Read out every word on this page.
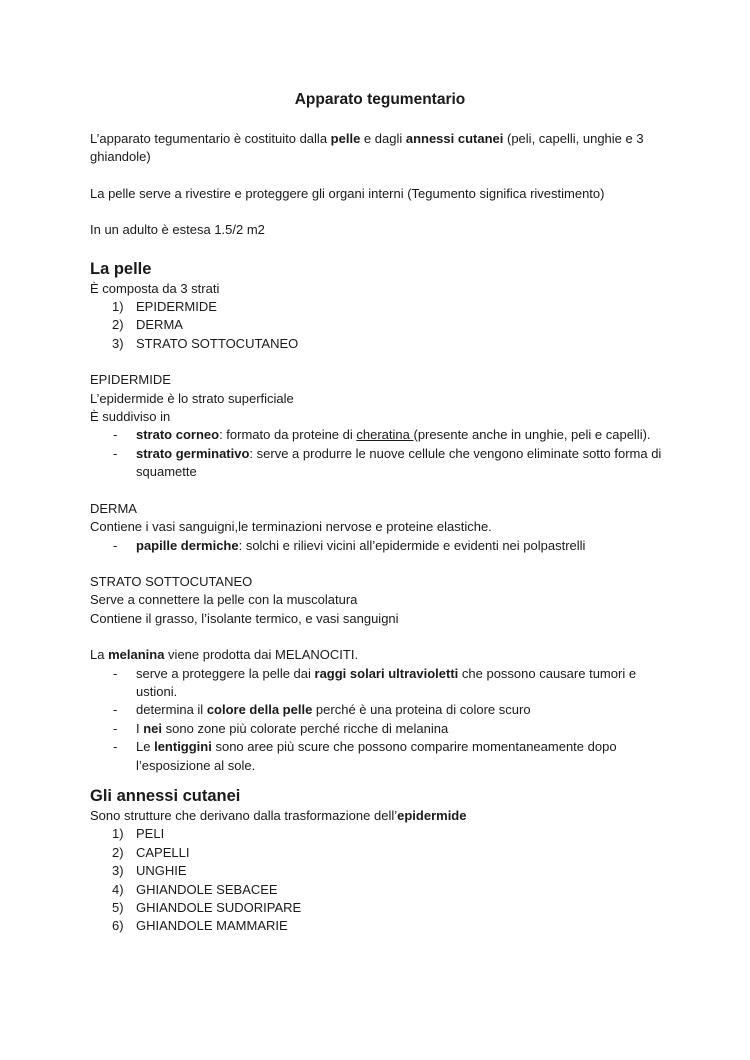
Apparato tegumentario

L’apparato tegumentario è costituito dalla pelle e dagli annessi cutanei (peli, capelli, unghie e 3 ghiandole)

La pelle serve a rivestire e proteggere gli organi interni (Tegumento significa rivestimento)

In un adulto è estesa 1.5/2 m2

La pelle

È composta da 3 strati

1) EPIDERMIDE
2) DERMA
3) STRATO SOTTOCUTANEO

EPIDERMIDE

L’epidermide è lo strato superficiale

È suddiviso in

- strato corneo: formato da proteine di cheratina (presente anche in unghie, peli e capelli).
- strato germinativo: serve a produrre le nuove cellule che vengono eliminate sotto forma di squamette

DERMA

Contiene i vasi sanguigni,le terminazioni nervose e proteine elastiche.

- papille dermiche: solchi e rilievi vicini all’epidermide e evidenti nei polpastrelli

STRATO SOTTOCUTANEO

Serve a connettere la pelle con la muscolatura

Contiene il grasso, l’isolante termico, e vasi sanguigni

La melanina viene prodotta dai MELANOCITI.

- serve a proteggere la pelle dai raggi solari ultravioletti che possono causare tumori e ustioni.
- determina il colore della pelle perché è una proteina di colore scuro
- I nei sono zone più colorate perché ricche di melanina
- Le lentiggini sono aree più scure che possono comparire momentaneamente dopo l’esposizione al sole.
Gli annessi cutanei

Sono strutture che derivano dalla trasformazione dell’epidermide

1) PELI
2) CAPELLI
3) UNGHIE
4) GHIANDOLE SEBACEE
5) GHIANDOLE SUDORIPARE
6) GHIANDOLE MAMMARIE
